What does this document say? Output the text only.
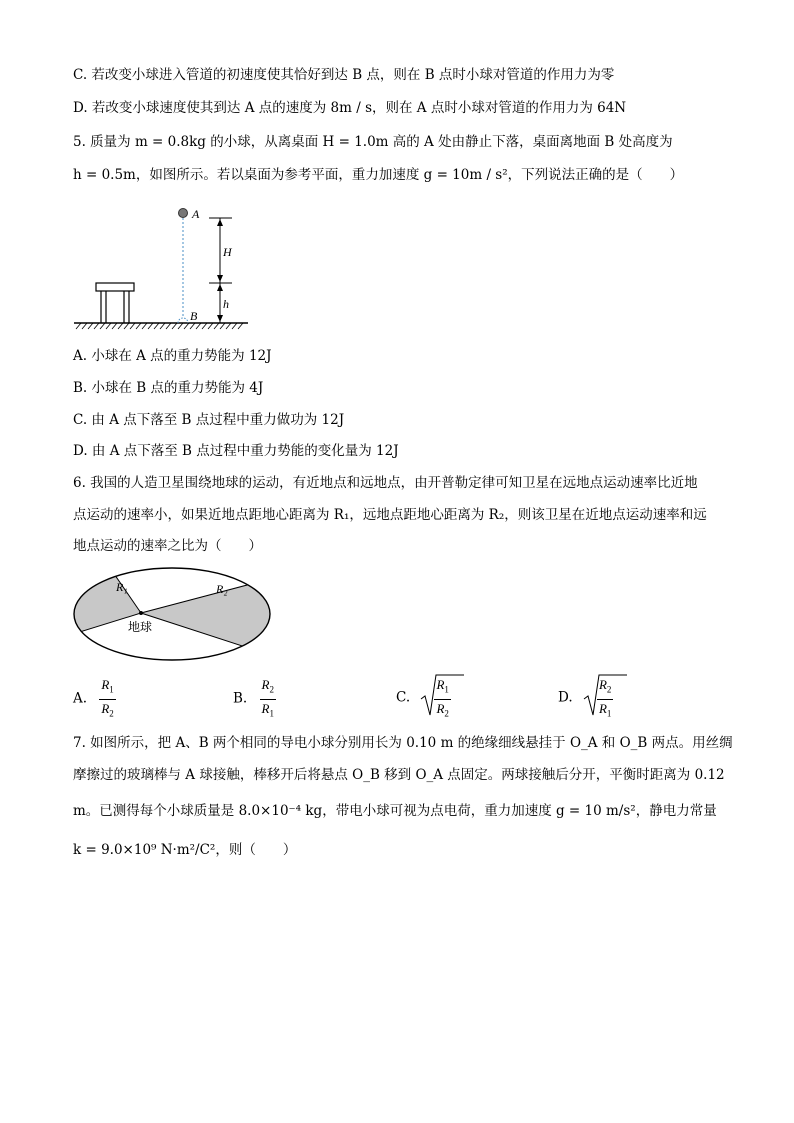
C. 若改变小球进入管道的初速度使其恰好到达 B 点，则在 B 点时小球对管道的作用力为零
D. 若改变小球速度使其到达 A 点的速度为 8m / s，则在 A 点时小球对管道的作用力为 64N
5. 质量为 m = 0.8kg 的小球，从离桌面 H = 1.0m 高的 A 处由静止下落，桌面离地面 B 处高度为
h = 0.5m，如图所示。若以桌面为参考平面，重力加速度 g = 10m / s²，下列说法正确的是（　　）
A
B
H
h
A. 小球在 A 点的重力势能为 12J
B. 小球在 B 点的重力势能为 4J
C. 由 A 点下落至 B 点过程中重力做功为 12J
D. 由 A 点下落至 B 点过程中重力势能的变化量为 12J
6. 我国的人造卫星围绕地球的运动，有近地点和远地点，由开普勒定律可知卫星在远地点运动速率比近地
点运动的速率小，如果近地点距地心距离为 R₁，远地点距地心距离为 R₂，则该卫星在近地点运动速率和远
地点运动的速率之比为（　　）
R₁	R₂
地球
A. $\frac{R_1}{R_2}$	B. $\frac{R_2}{R_1}$	C. $\frac{R_1}{R_2}$	D. $\frac{R_2}{R_1}$
7. 如图所示，把 A、B 两个相同的导电小球分别用长为 0.10 m 的绝缘细线悬挂于 O_A 和 O_B 两点。用丝绸
摩擦过的玻璃棒与 A 球接触，棒移开后将悬点 O_B 移到 O_A 点固定。两球接触后分开，平衡时距离为 0.12
m。已测得每个小球质量是 8.0×10⁻⁴ kg，带电小球可视为点电荷，重力加速度 g = 10 m/s²，静电力常量
k = 9.0×10⁹ N·m²/C²，则（　　）
